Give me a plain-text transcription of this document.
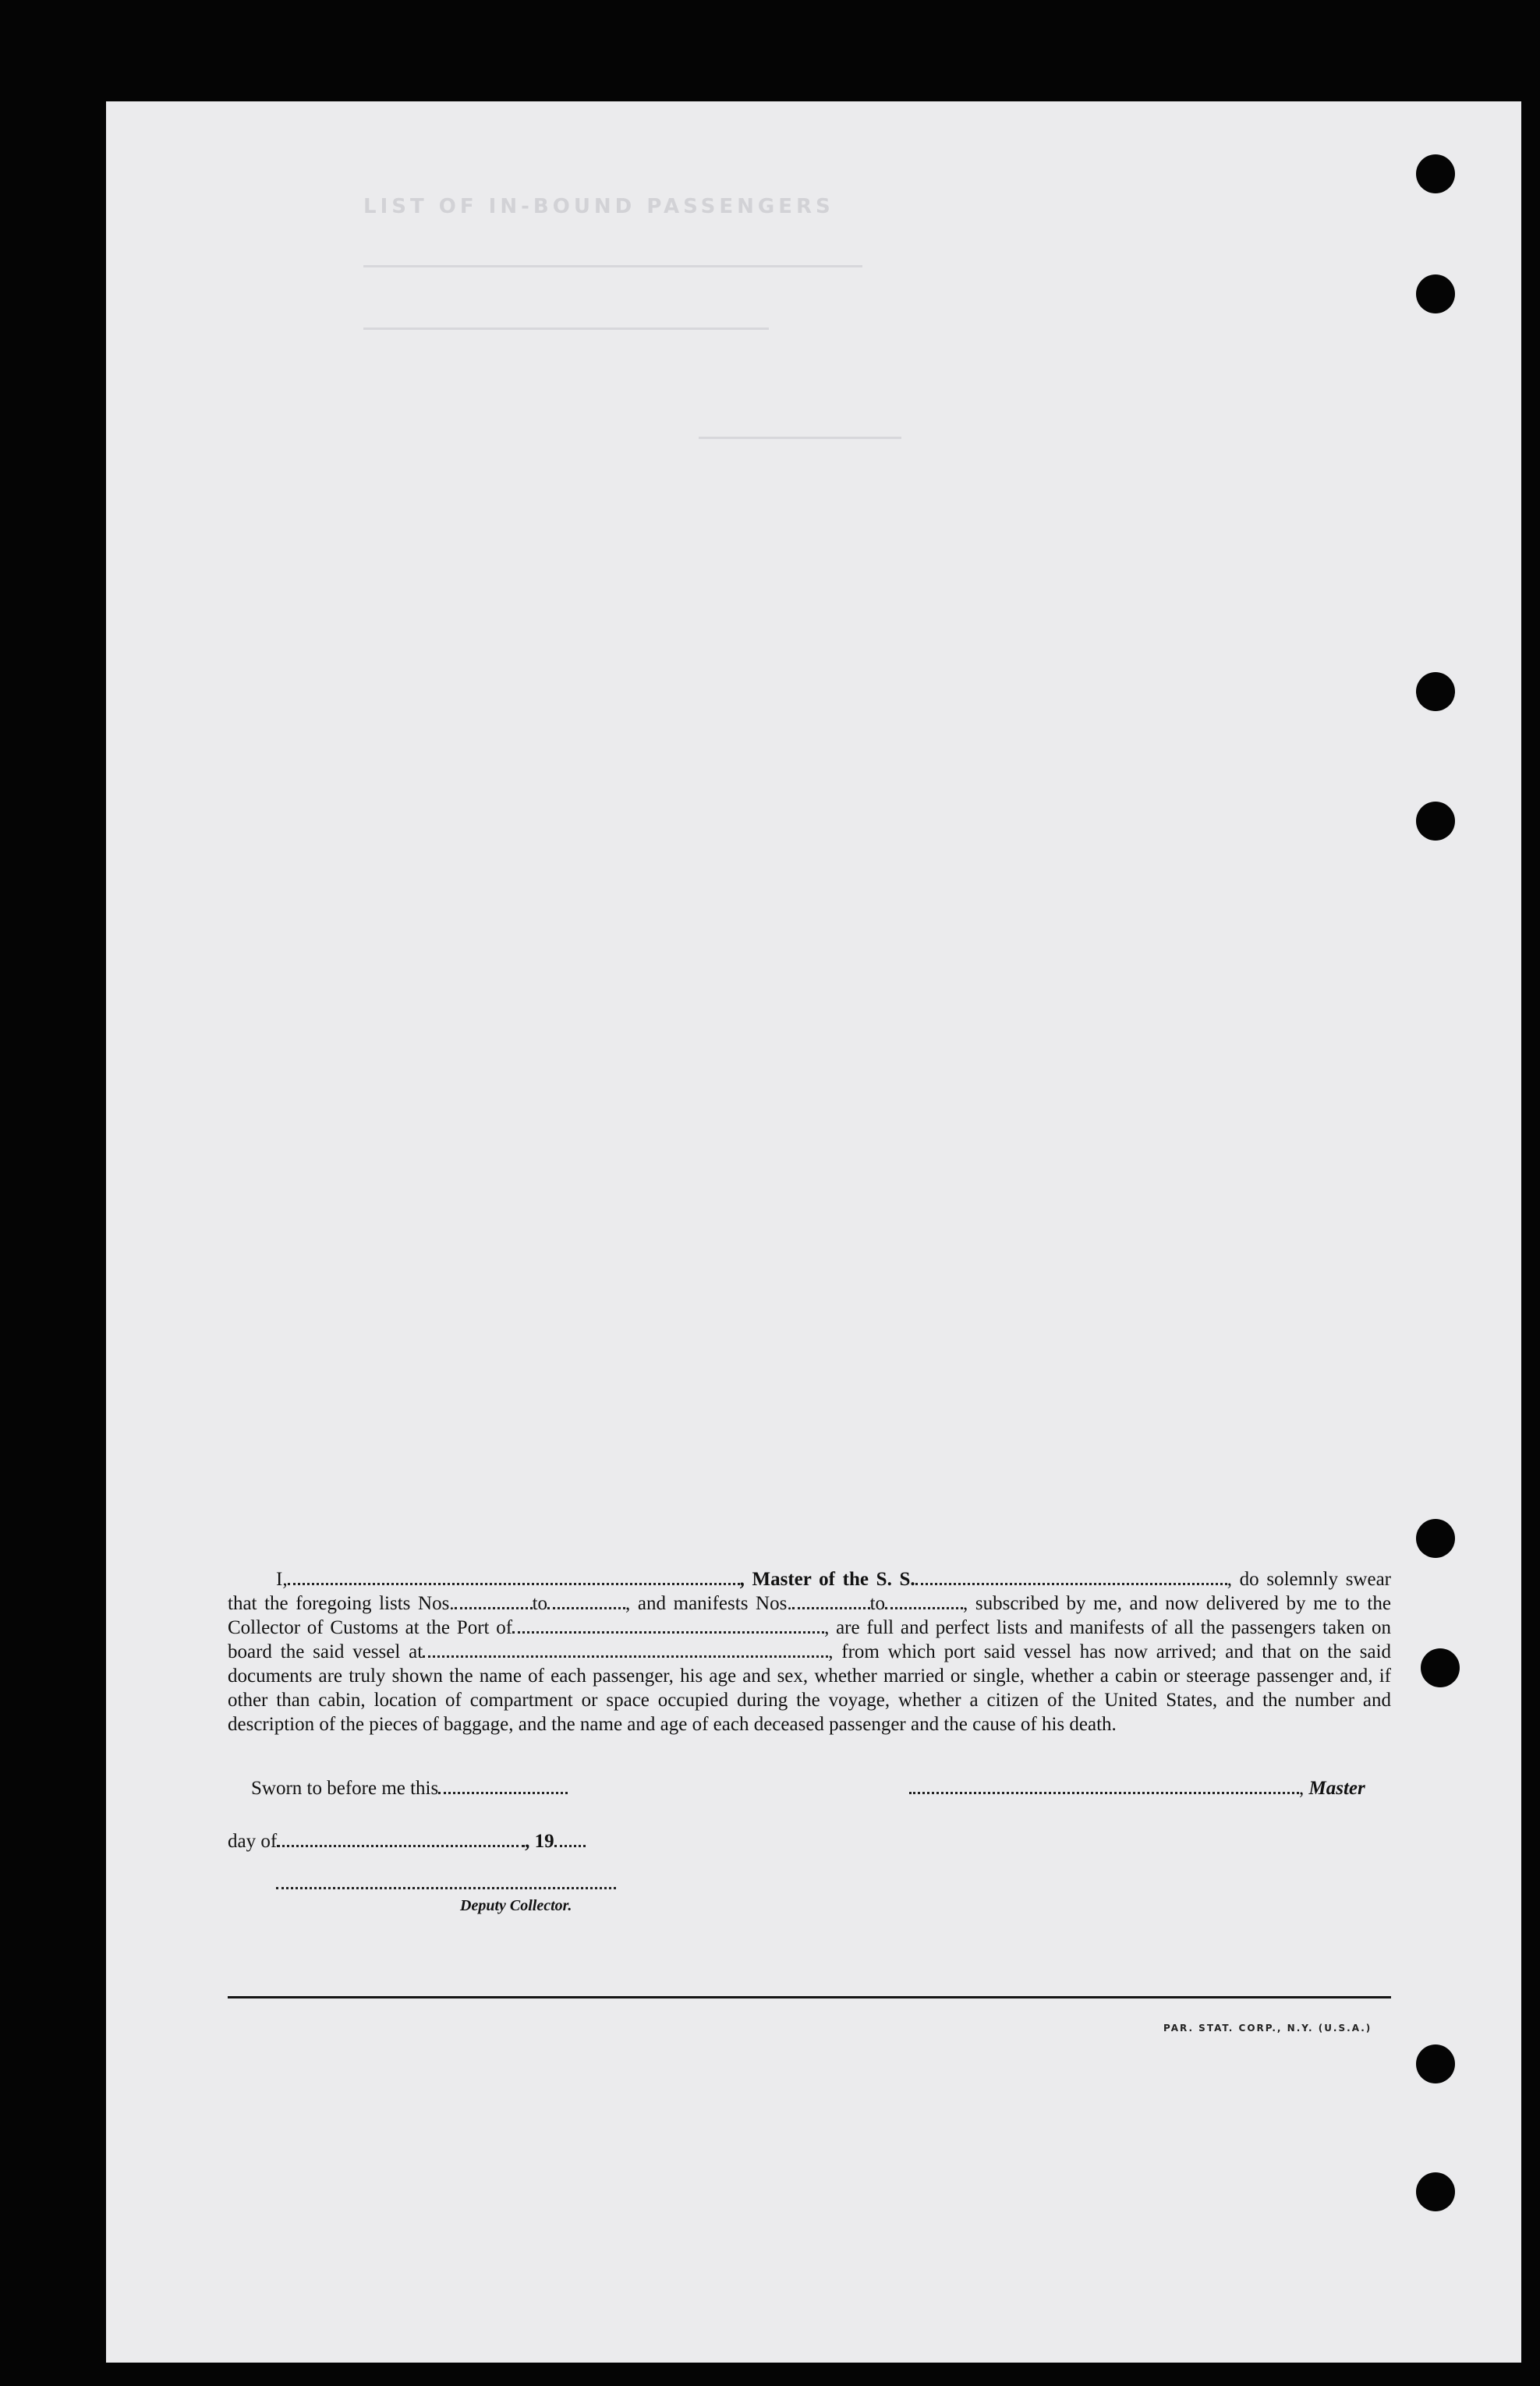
LIST OF IN-BOUND PASSENGERS

I,	, Master of the S. S.	, do solemnly swear that the foregoing lists Nos.	to	, and manifests Nos.	to	, subscribed by me, and now delivered by me to the Collector of Customs at the Port of	, are full and perfect lists and manifests of all the passengers taken on board the said vessel at	, from which port said vessel has now arrived; and that on the said documents are truly shown the name of each passenger, his age and sex, whether married or single, whether a cabin or steerage passenger and, if other than cabin, location of compartment or space occupied during the voyage, whether a citizen of the United States, and the number and description of the pieces of baggage, and the name and age of each deceased passenger and the cause of his death.

Sworn to before me this
day of	, 19
, Master
Deputy Collector.
PAR. STAT. CORP., N.Y. (U.S.A.)
